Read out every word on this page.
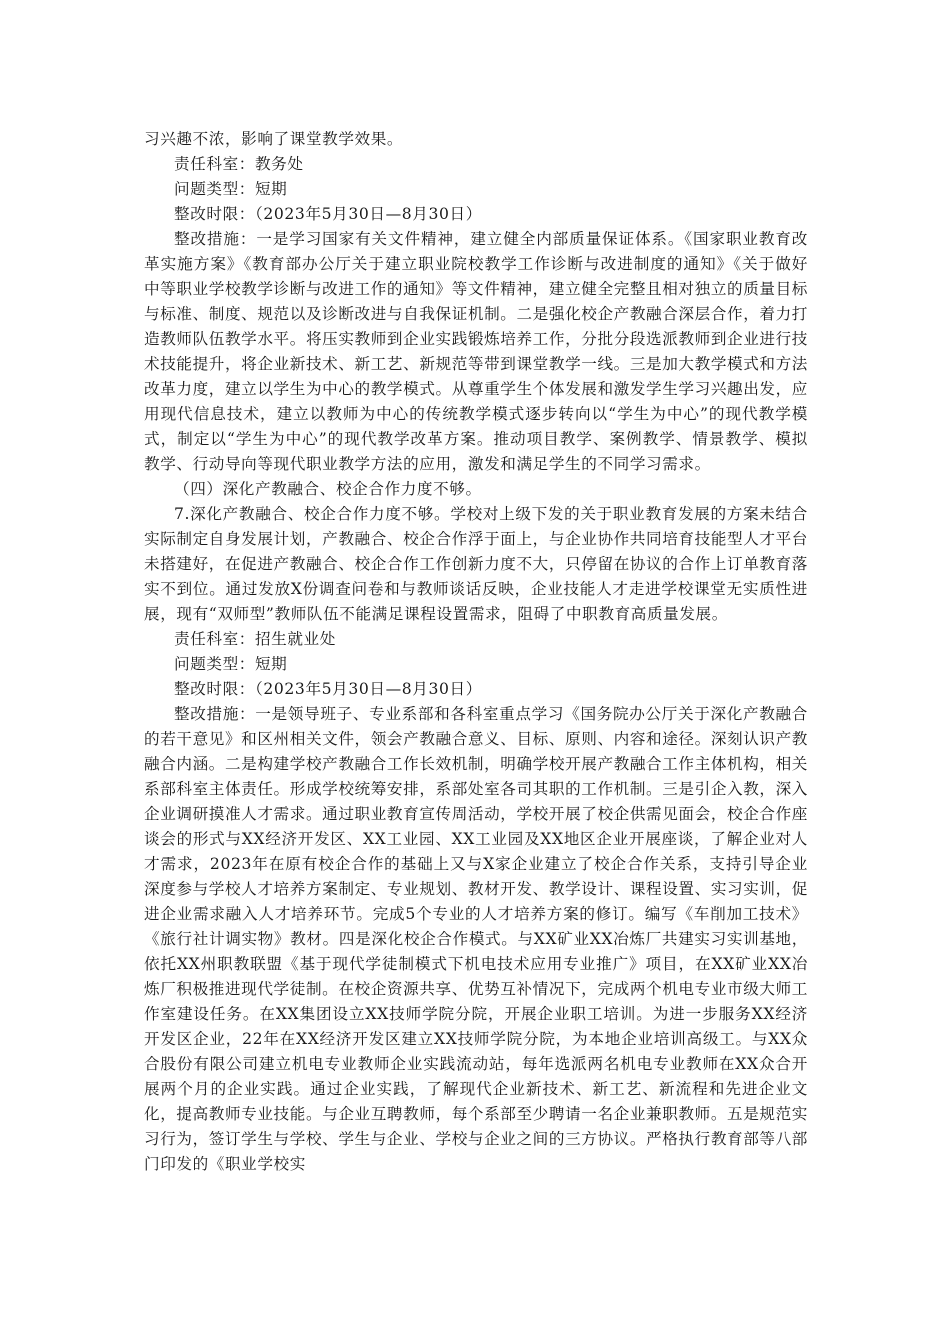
习兴趣不浓，影响了课堂教学效果。

责任科室：教务处

问题类型：短期

整改时限：（2023年5月30日—8月30日）

整改措施：一是学习国家有关文件精神，建立健全内部质量保证体系。《国家职业教育改革实施方案》《教育部办公厅关于建立职业院校教学工作诊断与改进制度的通知》《关于做好中等职业学校教学诊断与改进工作的通知》等文件精神，建立健全完整且相对独立的质量目标与标准、制度、规范以及诊断改进与自我保证机制。二是强化校企产教融合深层合作，着力打造教师队伍教学水平。将压实教师到企业实践锻炼培养工作，分批分段选派教师到企业进行技术技能提升，将企业新技术、新工艺、新规范等带到课堂教学一线。三是加大教学模式和方法改革力度，建立以学生为中心的教学模式。从尊重学生个体发展和激发学生学习兴趣出发，应用现代信息技术，建立以教师为中心的传统教学模式逐步转向以“学生为中心”的现代教学模式，制定以“学生为中心”的现代教学改革方案。推动项目教学、案例教学、情景教学、模拟教学、行动导向等现代职业教学方法的应用，激发和满足学生的不同学习需求。

（四）深化产教融合、校企合作力度不够。

7.深化产教融合、校企合作力度不够。学校对上级下发的关于职业教育发展的方案未结合实际制定自身发展计划，产教融合、校企合作浮于面上，与企业协作共同培育技能型人才平台未搭建好，在促进产教融合、校企合作工作创新力度不大，只停留在协议的合作上订单教育落实不到位。通过发放X份调查问卷和与教师谈话反映，企业技能人才走进学校课堂无实质性进展，现有“双师型”教师队伍不能满足课程设置需求，阻碍了中职教育高质量发展。

责任科室：招生就业处

问题类型：短期

整改时限：（2023年5月30日—8月30日）

整改措施：一是领导班子、专业系部和各科室重点学习《国务院办公厅关于深化产教融合的若干意见》和区州相关文件，领会产教融合意义、目标、原则、内容和途径。深刻认识产教融合内涵。二是构建学校产教融合工作长效机制，明确学校开展产教融合工作主体机构，相关系部科室主体责任。形成学校统筹安排，系部处室各司其职的工作机制。三是引企入教，深入企业调研摸准人才需求。通过职业教育宣传周活动，学校开展了校企供需见面会，校企合作座谈会的形式与XX经济开发区、XX工业园、XX工业园及XX地区企业开展座谈，了解企业对人才需求，2023年在原有校企合作的基础上又与X家企业建立了校企合作关系，支持引导企业深度参与学校人才培养方案制定、专业规划、教材开发、教学设计、课程设置、实习实训，促进企业需求融入人才培养环节。完成5个专业的人才培养方案的修订。编写《车削加工技术》《旅行社计调实物》教材。四是深化校企合作模式。与XX矿业XX冶炼厂共建实习实训基地，依托XX州职教联盟《基于现代学徒制模式下机电技术应用专业推广》项目，在XX矿业XX冶炼厂积极推进现代学徒制。在校企资源共享、优势互补情况下，完成两个机电专业市级大师工作室建设任务。在XX集团设立XX技师学院分院，开展企业职工培训。为进一步服务XX经济开发区企业，22年在XX经济开发区建立XX技师学院分院，为本地企业培训高级工。与XX众合股份有限公司建立机电专业教师企业实践流动站，每年选派两名机电专业教师在XX众合开展两个月的企业实践。通过企业实践，了解现代企业新技术、新工艺、新流程和先进企业文化，提高教师专业技能。与企业互聘教师，每个系部至少聘请一名企业兼职教师。五是规范实习行为，签订学生与学校、学生与企业、学校与企业之间的三方协议。严格执行教育部等八部门印发的《职业学校实
